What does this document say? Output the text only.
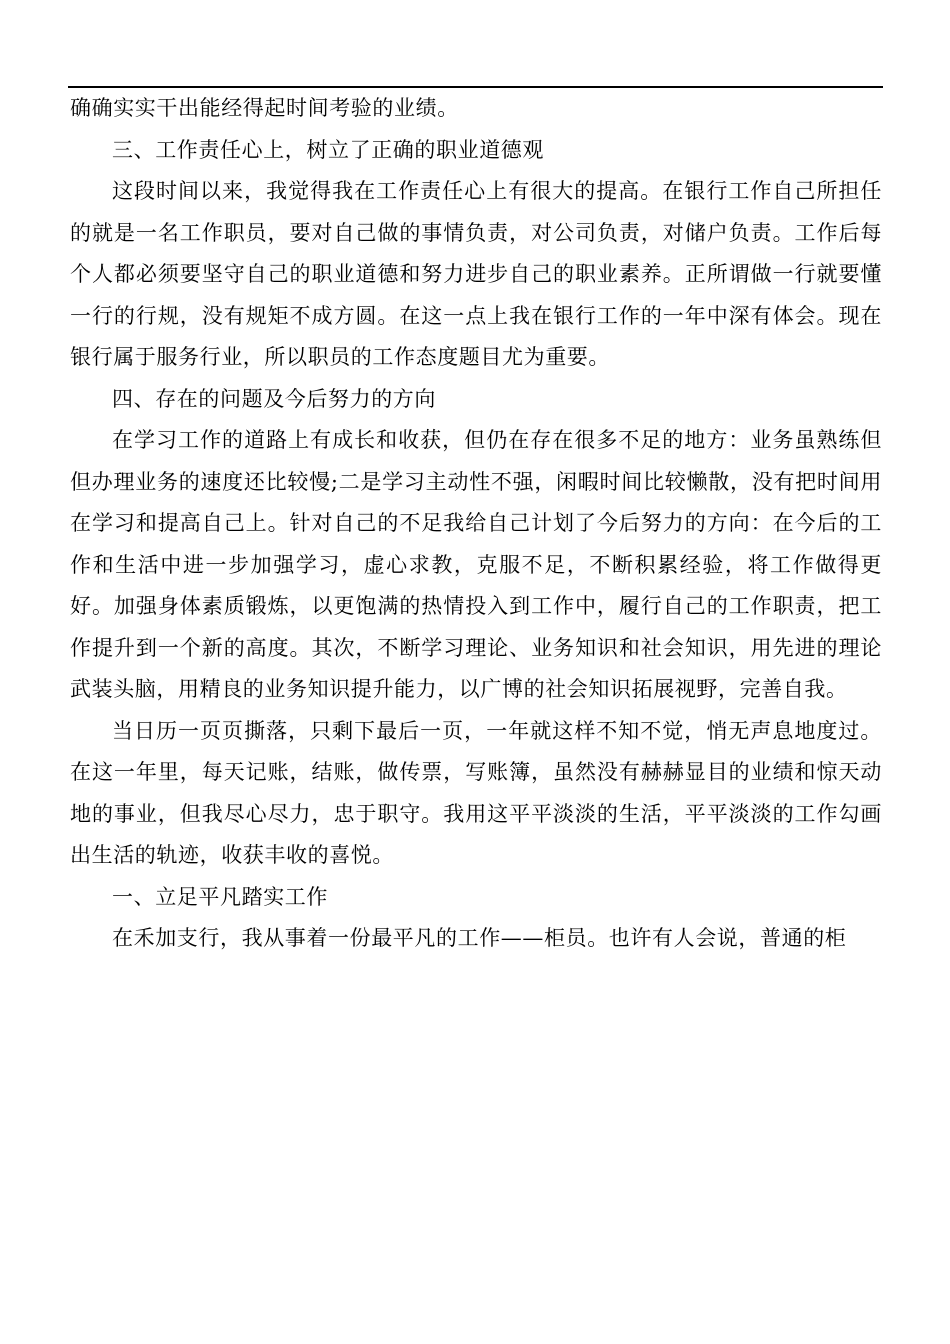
确确实实干出能经得起时间考验的业绩。

三、工作责任心上，树立了正确的职业道德观

这段时间以来，我觉得我在工作责任心上有很大的提高。在银行工作自己所担任的就是一名工作职员，要对自己做的事情负责，对公司负责，对储户负责。工作后每个人都必须要坚守自己的职业道德和努力进步自己的职业素养。正所谓做一行就要懂一行的行规，没有规矩不成方圆。在这一点上我在银行工作的一年中深有体会。现在银行属于服务行业，所以职员的工作态度题目尤为重要。

四、存在的问题及今后努力的方向

在学习工作的道路上有成长和收获，但仍在存在很多不足的地方：业务虽熟练但但办理业务的速度还比较慢;二是学习主动性不强，闲暇时间比较懒散，没有把时间用在学习和提高自己上。针对自己的不足我给自己计划了今后努力的方向：在今后的工作和生活中进一步加强学习，虚心求教，克服不足，不断积累经验，将工作做得更好。加强身体素质锻炼，以更饱满的热情投入到工作中，履行自己的工作职责，把工作提升到一个新的高度。其次，不断学习理论、业务知识和社会知识，用先进的理论武装头脑，用精良的业务知识提升能力，以广博的社会知识拓展视野，完善自我。

当日历一页页撕落，只剩下最后一页，一年就这样不知不觉，悄无声息地度过。在这一年里，每天记账，结账，做传票，写账簿，虽然没有赫赫显目的业绩和惊天动地的事业，但我尽心尽力，忠于职守。我用这平平淡淡的生活，平平淡淡的工作勾画出生活的轨迹，收获丰收的喜悦。

一、立足平凡踏实工作

在禾加支行，我从事着一份最平凡的工作——柜员。也许有人会说，普通的柜
